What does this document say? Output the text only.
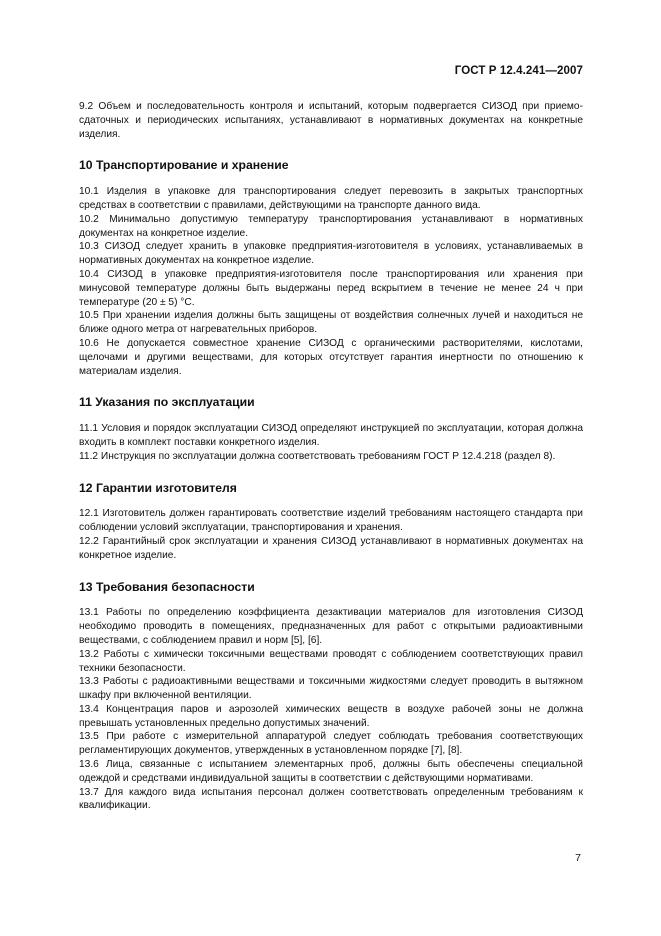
ГОСТ Р 12.4.241—2007

9.2 Объем и последовательность контроля и испытаний, которым подвергается СИЗОД при приемо-сдаточных и периодических испытаниях, устанавливают в нормативных документах на конкретные изделия.

10 Транспортирование и хранение

10.1 Изделия в упаковке для транспортирования следует перевозить в закрытых транспортных средствах в соответствии с правилами, действующими на транспорте данного вида.

10.2 Минимально допустимую температуру транспортирования устанавливают в нормативных документах на конкретное изделие.

10.3 СИЗОД следует хранить в упаковке предприятия-изготовителя в условиях, устанавливаемых в нормативных документах на конкретное изделие.

10.4 СИЗОД в упаковке предприятия-изготовителя после транспортирования или хранения при минусовой температуре должны быть выдержаны перед вскрытием в течение не менее 24 ч при температуре (20 ± 5) °С.

10.5 При хранении изделия должны быть защищены от воздействия солнечных лучей и находиться не ближе одного метра от нагревательных приборов.

10.6 Не допускается совместное хранение СИЗОД с органическими растворителями, кислотами, щелочами и другими веществами, для которых отсутствует гарантия инертности по отношению к материалам изделия.

11 Указания по эксплуатации

11.1 Условия и порядок эксплуатации СИЗОД определяют инструкцией по эксплуатации, которая должна входить в комплект поставки конкретного изделия.

11.2 Инструкция по эксплуатации должна соответствовать требованиям ГОСТ Р 12.4.218 (раздел 8).

12 Гарантии изготовителя

12.1 Изготовитель должен гарантировать соответствие изделий требованиям настоящего стандарта при соблюдении условий эксплуатации, транспортирования и хранения.

12.2 Гарантийный срок эксплуатации и хранения СИЗОД устанавливают в нормативных документах на конкретное изделие.

13 Требования безопасности

13.1 Работы по определению коэффициента дезактивации материалов для изготовления СИЗОД необходимо проводить в помещениях, предназначенных для работ с открытыми радиоактивными веществами, с соблюдением правил и норм [5], [6].

13.2 Работы с химически токсичными веществами проводят с соблюдением соответствующих правил техники безопасности.

13.3 Работы с радиоактивными веществами и токсичными жидкостями следует проводить в вытяжном шкафу при включенной вентиляции.

13.4 Концентрация паров и аэрозолей химических веществ в воздухе рабочей зоны не должна превышать установленных предельно допустимых значений.

13.5 При работе с измерительной аппаратурой следует соблюдать требования соответствующих регламентирующих документов, утвержденных в установленном порядке [7], [8].

13.6 Лица, связанные с испытанием элементарных проб, должны быть обеспечены специальной одеждой и средствами индивидуальной защиты в соответствии с действующими нормативами.

13.7 Для каждого вида испытания персонал должен соответствовать определенным требованиям к квалификации.

7
